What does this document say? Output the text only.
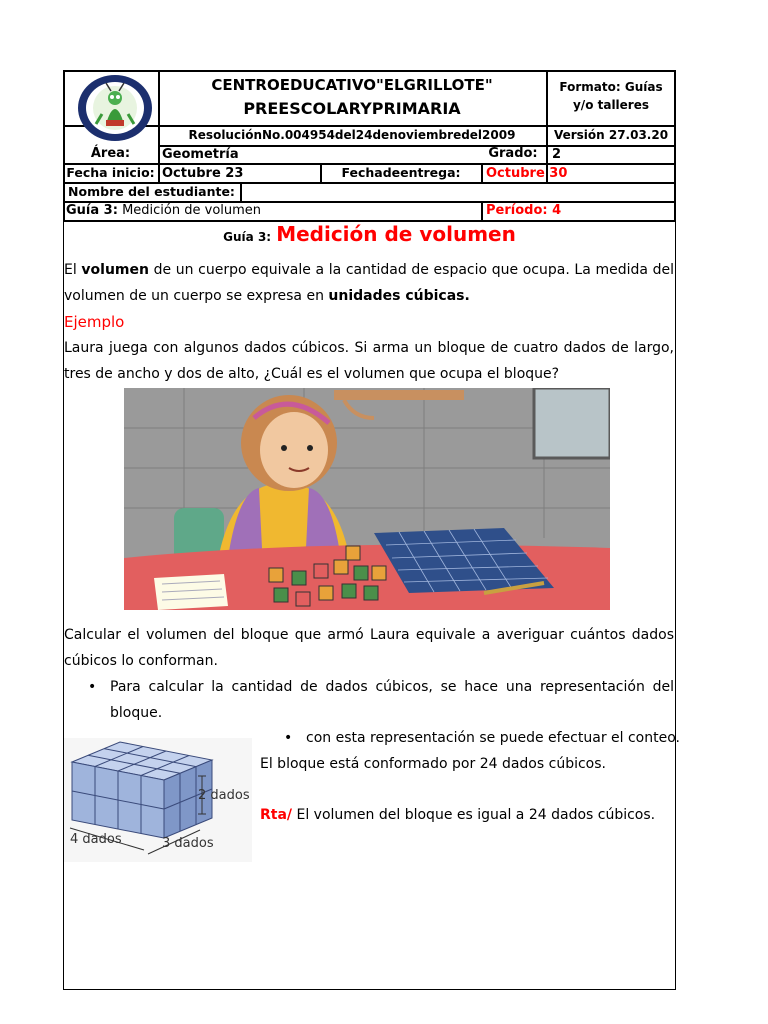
CENTROEDUCATIVO"ELGRILLOTE"
PREESCOLARYPRIMARIA
Formato: Guías
y/o talleres
ResoluciónNo.004954del24denoviembredel2009	Versión 27.03.20
Área:	Geometría	Grado:	2
Fecha inicio: Octubre 23	Fechadeentrega:	Octubre 30
Nombre del estudiante:
Guía 3: Medición de volumen	Período: 4
Guía 3: Medición de volumen
El volumen de un cuerpo equivale a la cantidad de espacio que ocupa. La medida del
volumen de un cuerpo se expresa en unidades cúbicas.
Ejemplo
Laura juega con algunos dados cúbicos. Si arma un bloque de cuatro dados de largo,
tres de ancho y dos de alto, ¿Cuál es el volumen que ocupa el bloque?
Calcular el volumen del bloque que armó Laura equivale a averiguar cuántos dados
cúbicos lo conforman.
• Para calcular la cantidad de dados cúbicos, se hace una representación del
bloque.
2 dados
4 dados	3 dados
• con esta representación se puede efectuar el conteo.
El bloque está conformado por 24 dados cúbicos.
Rta/ El volumen del bloque es igual a 24 dados cúbicos.
